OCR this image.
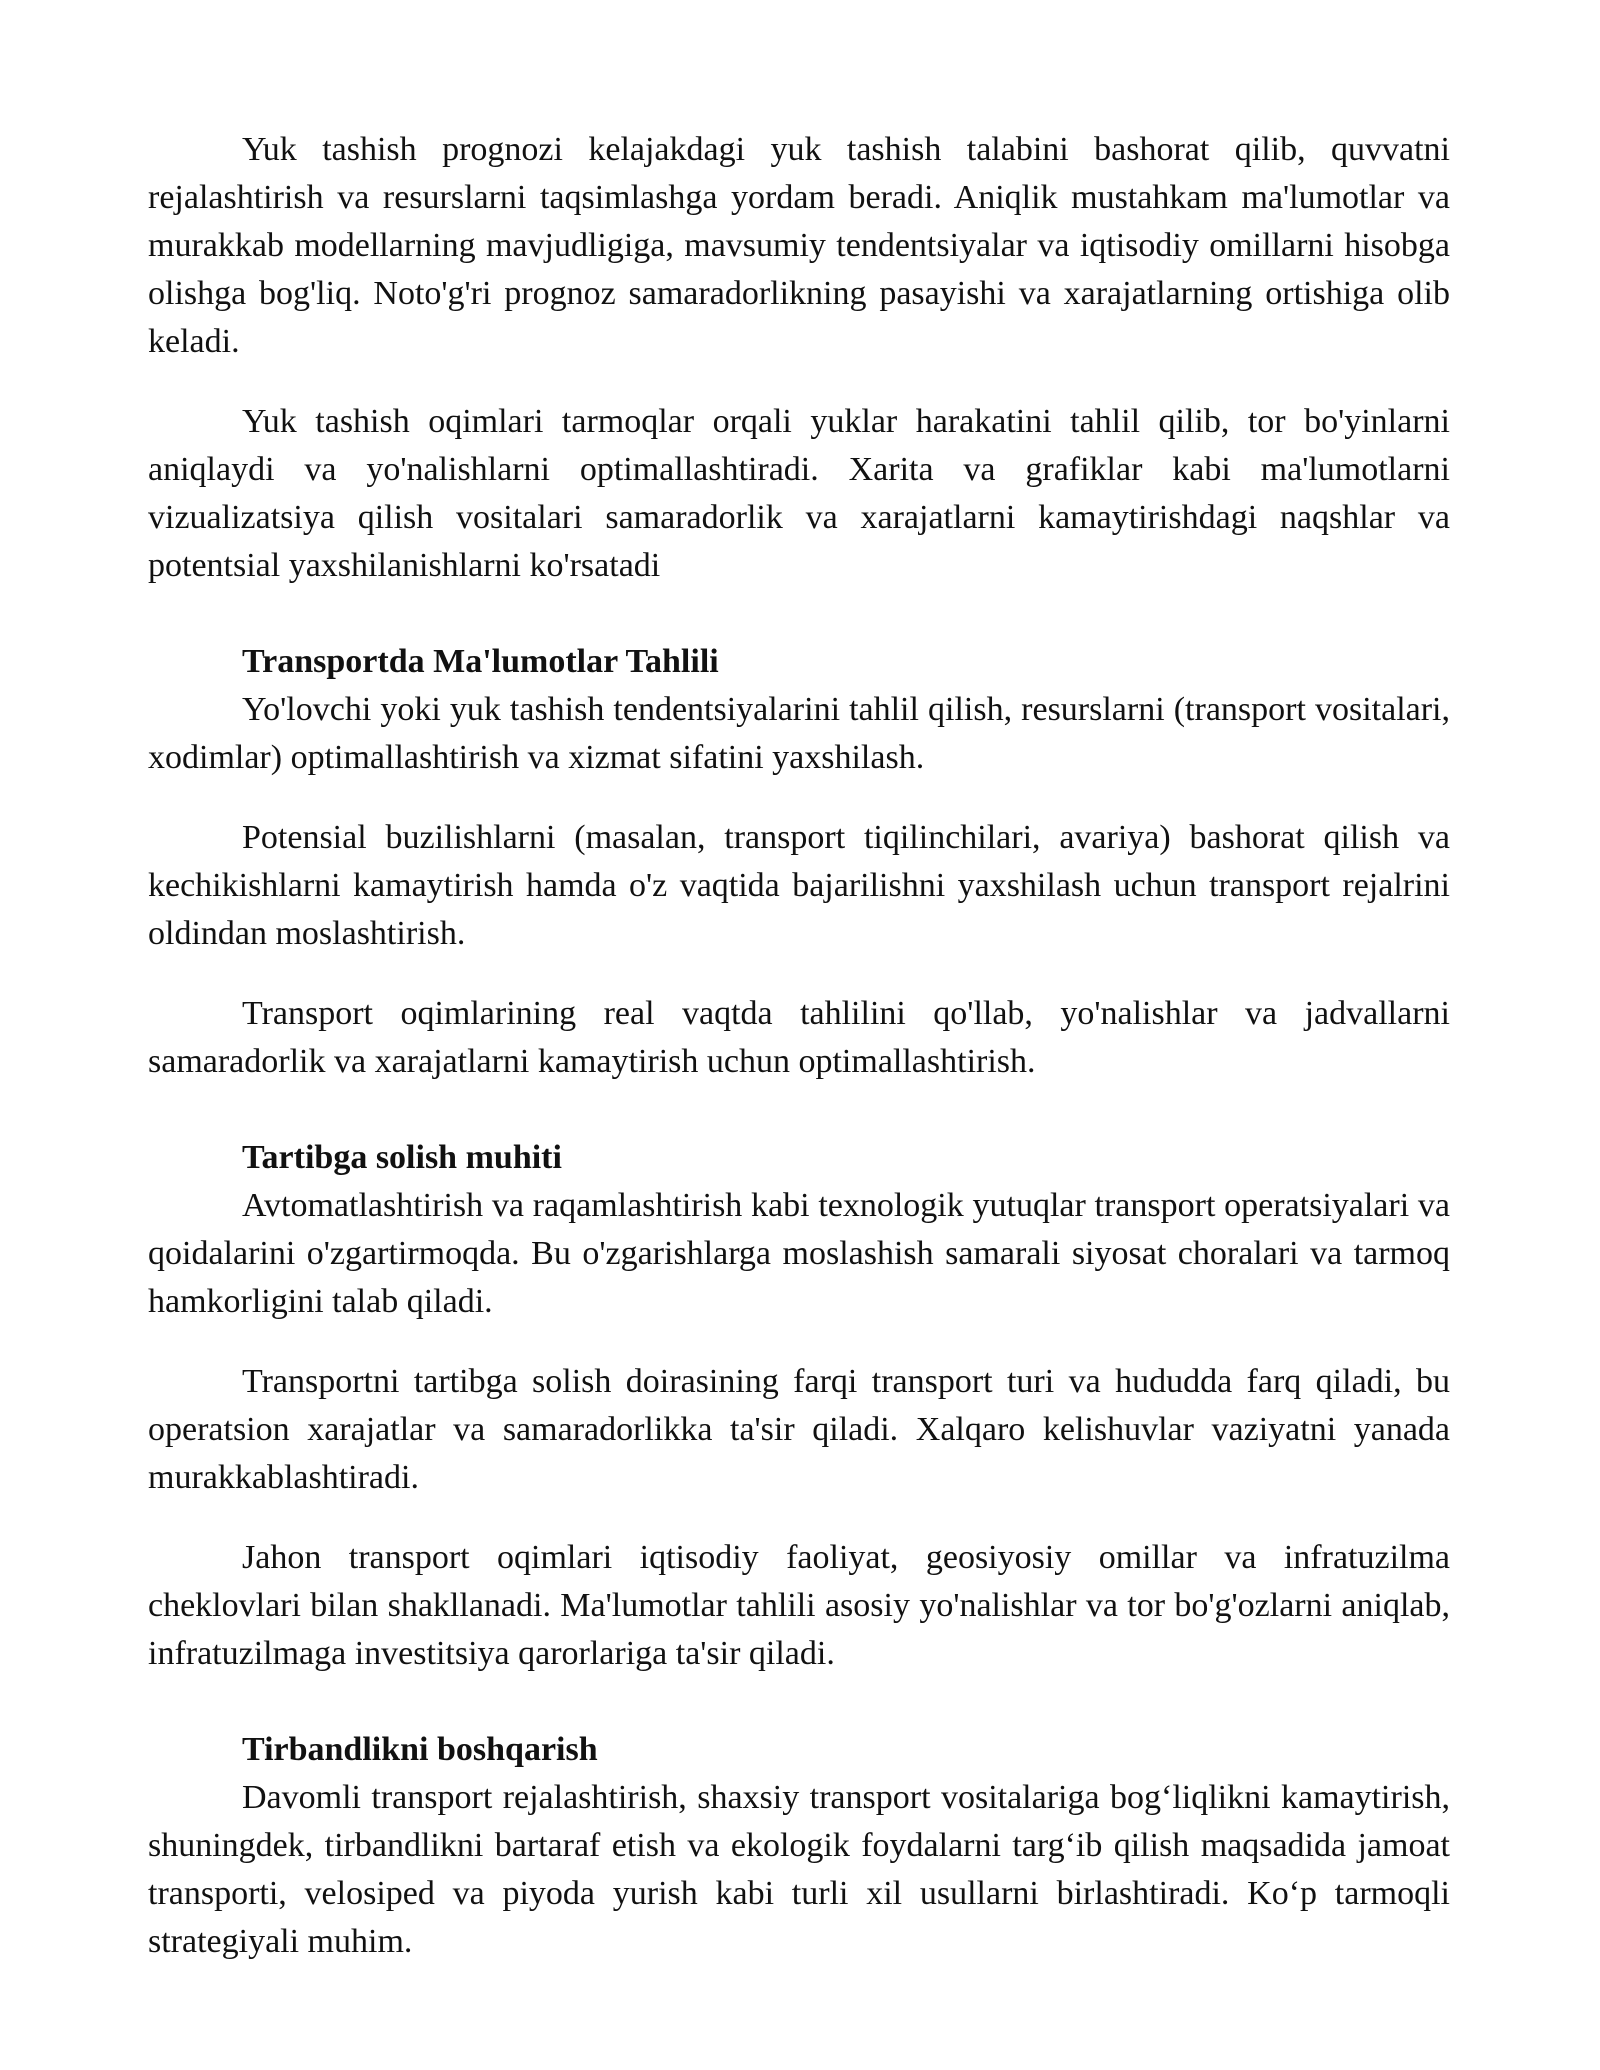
Yuk tashish prognozi kelajakdagi yuk tashish talabini bashorat qilib, quvvatni rejalashtirish va resurslarni taqsimlashga yordam beradi. Aniqlik mustahkam ma'lumotlar va murakkab modellarning mavjudligiga, mavsumiy tendentsiyalar va iqtisodiy omillarni hisobga olishga bog'liq. Noto'g'ri prognoz samaradorlikning pasayishi va xarajatlarning ortishiga olib keladi.

Yuk tashish oqimlari tarmoqlar orqali yuklar harakatini tahlil qilib, tor bo'yinlarni aniqlaydi va yo'nalishlarni optimallashtiradi. Xarita va grafiklar kabi ma'lumotlarni vizualizatsiya qilish vositalari samaradorlik va xarajatlarni kamaytirishdagi naqshlar va potentsial yaxshilanishlarni ko'rsatadi

Transportda Ma'lumotlar Tahlili

Yo'lovchi yoki yuk tashish tendentsiyalarini tahlil qilish, resurslarni (transport vositalari, xodimlar) optimallashtirish va xizmat sifatini yaxshilash.

Potensial buzilishlarni (masalan, transport tiqilinchilari, avariya) bashorat qilish va kechikishlarni kamaytirish hamda o'z vaqtida bajarilishni yaxshilash uchun transport rejalrini oldindan moslashtirish.

Transport oqimlarining real vaqtda tahlilini qo'llab, yo'nalishlar va jadvallarni samaradorlik va xarajatlarni kamaytirish uchun optimallashtirish.

Tartibga solish muhiti

Avtomatlashtirish va raqamlashtirish kabi texnologik yutuqlar transport operatsiyalari va qoidalarini o'zgartirmoqda. Bu o'zgarishlarga moslashish samarali siyosat choralari va tarmoq hamkorligini talab qiladi.

Transportni tartibga solish doirasining farqi transport turi va hududda farq qiladi, bu operatsion xarajatlar va samaradorlikka ta'sir qiladi. Xalqaro kelishuvlar vaziyatni yanada murakkablashtiradi.

Jahon transport oqimlari iqtisodiy faoliyat, geosiyosiy omillar va infratuzilma cheklovlari bilan shakllanadi. Ma'lumotlar tahlili asosiy yo'nalishlar va tor bo'g'ozlarni aniqlab, infratuzilmaga investitsiya qarorlariga ta'sir qiladi.

Tirbandlikni boshqarish

Davomli transport rejalashtirish, shaxsiy transport vositalariga bog‘liqlikni kamaytirish, shuningdek, tirbandlikni bartaraf etish va ekologik foydalarni targ‘ib qilish maqsadida jamoat transporti, velosiped va piyoda yurish kabi turli xil usullarni birlashtiradi. Ko‘p tarmoqli strategiyali muhim.
